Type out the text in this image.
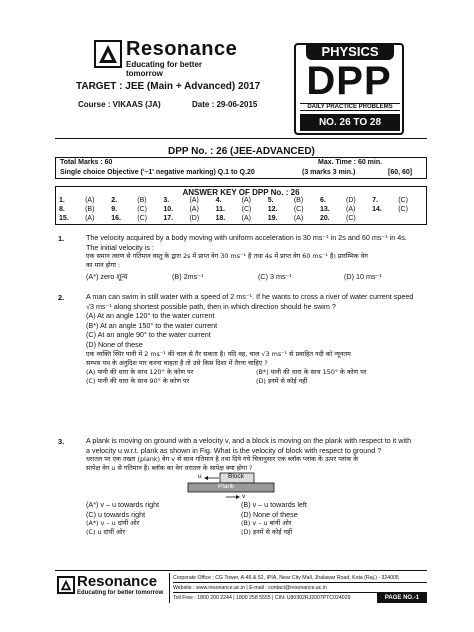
Resonance
Educating for better tomorrow
TARGET : JEE (Main + Advanced) 2017
Course : VIKAAS (JA)	Date : 29-06-2015
PHYSICS
DPP
DAILY PRACTICE PROBLEMS
NO. 26 TO 28
DPP No. : 26 (JEE-ADVANCED)
Total Marks : 60	Max. Time : 60 min.
Single choice Objective ('–1' negative marking) Q.1 to Q.20	(3 marks 3 min.)	[60, 60]
ANSWER KEY OF DPP No. : 26
1.	(A)	2.	(B)	3.	(A)	4.	(A)	5.	(B)	6.	(D)	7.	(C)
8.	(B)	9.	(C)	10.	(A)	11.	(C)	12.	(C)	13.	(A)	14.	(C)
15.	(A)	16.	(C)	17.	(D)	18.	(A)	19.	(A)	20.	(C)
1.	The velocity acquired by a body moving with uniform acceleration is 30 ms⁻¹ in 2s and 60 ms⁻¹ in 4s.
The initial velocity is :
एक समान त्वरण से गतिमान वस्तु के द्वारा 2s में प्राप्त वेग 30 ms⁻¹ है तथा 4s में प्राप्त वेग 60 ms⁻¹ है। प्रारम्भिक वेग
का मान होगा :
(A*) zero शून्य	(B) 2ms⁻¹	(C) 3 ms⁻¹	(D) 10 ms⁻¹
2.	A man can swim in still water with a speed of 2 ms⁻¹. If he wants to cross a river of water current speed
√3 ms⁻¹ along shortest possible path, then in which direction should he swim ?
(A) At an angle 120° to the water current
(B*) At an angle 150° to the water current
(C) At an angle 90° to the water current
(D) None of these
एक व्यक्ति स्थिर पानी में 2 ms⁻¹ की चाल से तैर सकता है। यदि वह, चाल √3 ms⁻¹ से प्रवाहित नदी को न्यूनतम
सम्भव पथ के अनुदिश पार करना चाहता है तो उसे किस दिशा में तैरना चाहिए ?
(A) पानी की धारा के साथ 120° के कोण पर	(B*) पानी की धारा के साथ 150° के कोण पर
(C) पानी की धारा के साथ 90° के कोण पर	(D) इनमें से कोई नहीं
3.	A plank is moving on ground with a velocity v, and a block is moving on the plank with respect to it with
a velocity u w.r.t. plank as shown in Fig. What is the velocity of block with respect to ground ?
धरातल पर एक तख्ता (plank) वेग v से साथ गतिमान है तथा दिये गये चित्रानुसार एक ब्लॉक प्लांक के ऊपर प्लांक के
सापेक्ष वेग u से गतिमान है। ब्लॉक का वेग धरातल के सापेक्ष क्या होगा ?
Block
Plank
u
v
(A*) v – u towards right	(B) v – u towards left
(C) u towards right	(D) None of these
(A*) v – u दांयीं ओर	(B) v – u बांयीं ओर
(C) u दांयीं ओर	(D) इनमें से कोई नहीं
Resonance
Educating for better tomorrow
Corporate Office : CG Tower, A-46 & 52, IPIA, Near City Mall, Jhalawar Road, Kota (Raj.) - 324005
Website : www.resonance.ac.in | E-mail : contact@resonance.ac.in
Toll Free : 1800 200 2244 | 1800 258 5555 | CIN: U80302RJ2007PTC024029	PAGE NO.-1
